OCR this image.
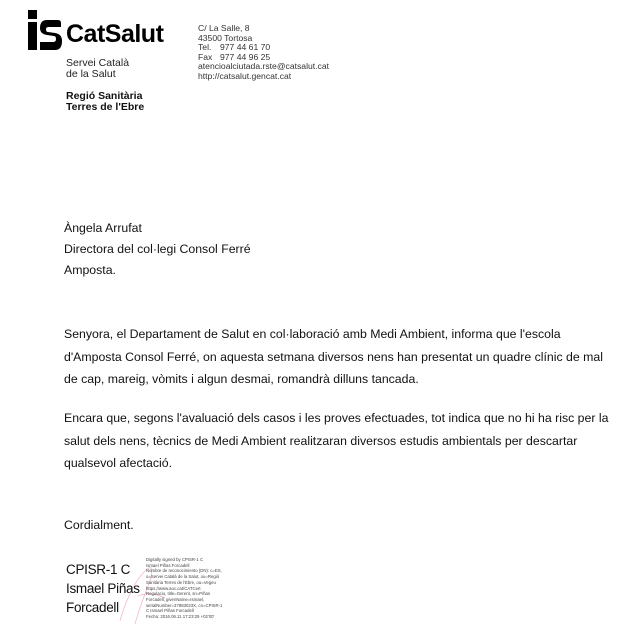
CatSalut
Servei Català
de la Salut
Regió Sanitària
Terres de l'Ebre
C/ La Salle, 8
43500 Tortosa
Tel. 977 44 61 70
Fax 977 44 96 25
atencioalciutada.rste@catsalut.cat
http://catsalut.gencat.cat
Àngela Arrufat
Directora del col·legi Consol Ferré
Amposta.
Senyora, el Departament de Salut en col·laboració amb Medi Ambient, informa que l'escola d'Amposta Consol Ferré, on aquesta setmana diversos nens han presentat un quadre clínic de mal de cap, mareig, vòmits i algun desmai, romandrà dilluns tancada.
Encara que, segons l'avaluació dels casos i les proves efectuades, tot indica que no hi ha risc per la salut dels nens, tècnics de Medi Ambient realitzaran diversos estudis ambientals per descartar qualsevol afectació.
Cordialment.
CPISR-1 C
Ismael Piñas
Forcadell
Digitally signed by CPISR-1 C
Ismael Piñas Forcadell
Nombre de reconocimiento (DN): c=ES,
o=Servei Català de la Salut, ou=Regió
Sanitària Terres de l'Ebre, ou=Vegeu
https://www.aoc.cat/CATCert
Regulacio, title=Gerent, sn=Piñas
Forcadell, givenName=Ismael,
serialNumber=37883023X, cn=CPISR-1
C Ismael Piñas Forcadell
Fecha: 2016.06.11 17:23:29 +02'00'
